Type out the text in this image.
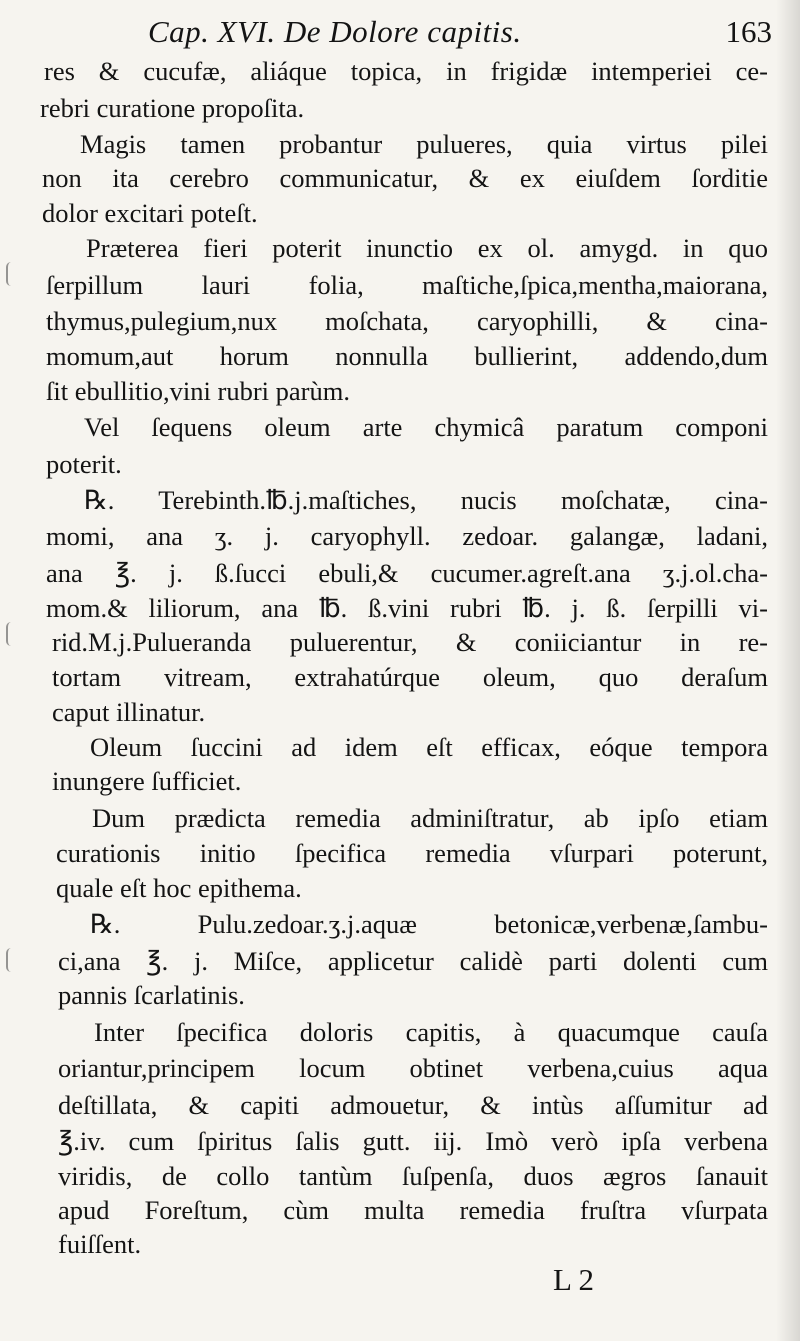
Cap. XVI. De Dolore capitis.	163
res & cucufæ, aliáque topica, in frigidæ intemperiei ce-
rebri curatione propoſita.
Magis tamen probantur pulueres, quia virtus pilei
non ita cerebro communicatur, & ex eiuſdem ſorditie
dolor excitari poteſt.
Præterea fieri poterit inunctio ex ol. amygd. in quo
ſerpillum lauri folia, maſtiche,ſpica,mentha,maiorana,
thymus,pulegium,nux moſchata, caryophilli, & cina-
momum,aut horum nonnulla bullierint, addendo,dum
ſit ebullitio,vini rubri parùm.
Vel ſequens oleum arte chymicâ paratum componi
poterit.
℞. Terebinth.℔.j.maſtiches, nucis moſchatæ, cina-
momi, ana ʒ. j. caryophyll. zedoar. galangæ, ladani,
ana ℥. j. ß.ſucci ebuli,& cucumer.agreſt.ana ʒ.j.ol.cha-
mom.& liliorum, ana ℔. ß.vini rubri ℔. j. ß. ſerpilli vi-
rid.M.j.Pulueranda puluerentur, & coniiciantur in re-
tortam vitream, extrahatúrque oleum, quo deraſum
caput illinatur.
Oleum ſuccini ad idem eſt efficax, eóque tempora
inungere ſufficiet.
Dum prædicta remedia adminiſtratur, ab ipſo etiam
curationis initio ſpecifica remedia vſurpari poterunt,
quale eſt hoc epithema.
℞. Pulu.zedoar.ʒ.j.aquæ betonicæ,verbenæ,ſambu-
ci,ana ℥. j. Miſce, applicetur calidè parti dolenti cum
pannis ſcarlatinis.
Inter ſpecifica doloris capitis, à quacumque cauſa
oriantur,principem locum obtinet verbena,cuius aqua
deſtillata, & capiti admouetur, & intùs aſſumitur ad
℥.iv. cum ſpiritus ſalis gutt. iij. Imò verò ipſa verbena
viridis, de collo tantùm ſuſpenſa, duos ægros ſanauit
apud Foreſtum, cùm multa remedia fruſtra vſurpata
fuiſſent.
L 2
